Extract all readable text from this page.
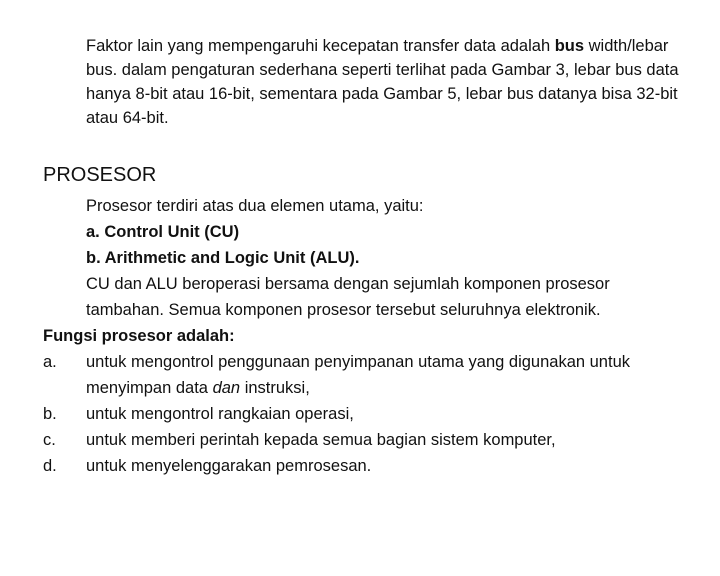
Faktor lain yang mempengaruhi kecepatan transfer data adalah bus width/lebar bus. dalam pengaturan sederhana seperti terlihat pada Gambar 3, lebar bus data hanya 8-bit atau 16-bit, sementara pada Gambar 5, lebar bus datanya bisa 32-bit atau 64-bit.

PROSESOR
Prosesor terdiri atas dua elemen utama, yaitu:
a. Control Unit (CU)
b. Arithmetic and Logic Unit (ALU).
CU dan ALU beroperasi bersama dengan sejumlah komponen prosesor tambahan. Semua komponen prosesor tersebut seluruhnya elektronik.
Fungsi prosesor adalah:
a.	untuk mengontrol penggunaan penyimpanan utama yang digunakan untuk menyimpan data dan instruksi,
b.	untuk mengontrol rangkaian operasi,
c.	untuk memberi perintah kepada semua bagian sistem komputer,
d.	untuk menyelenggarakan pemrosesan.
